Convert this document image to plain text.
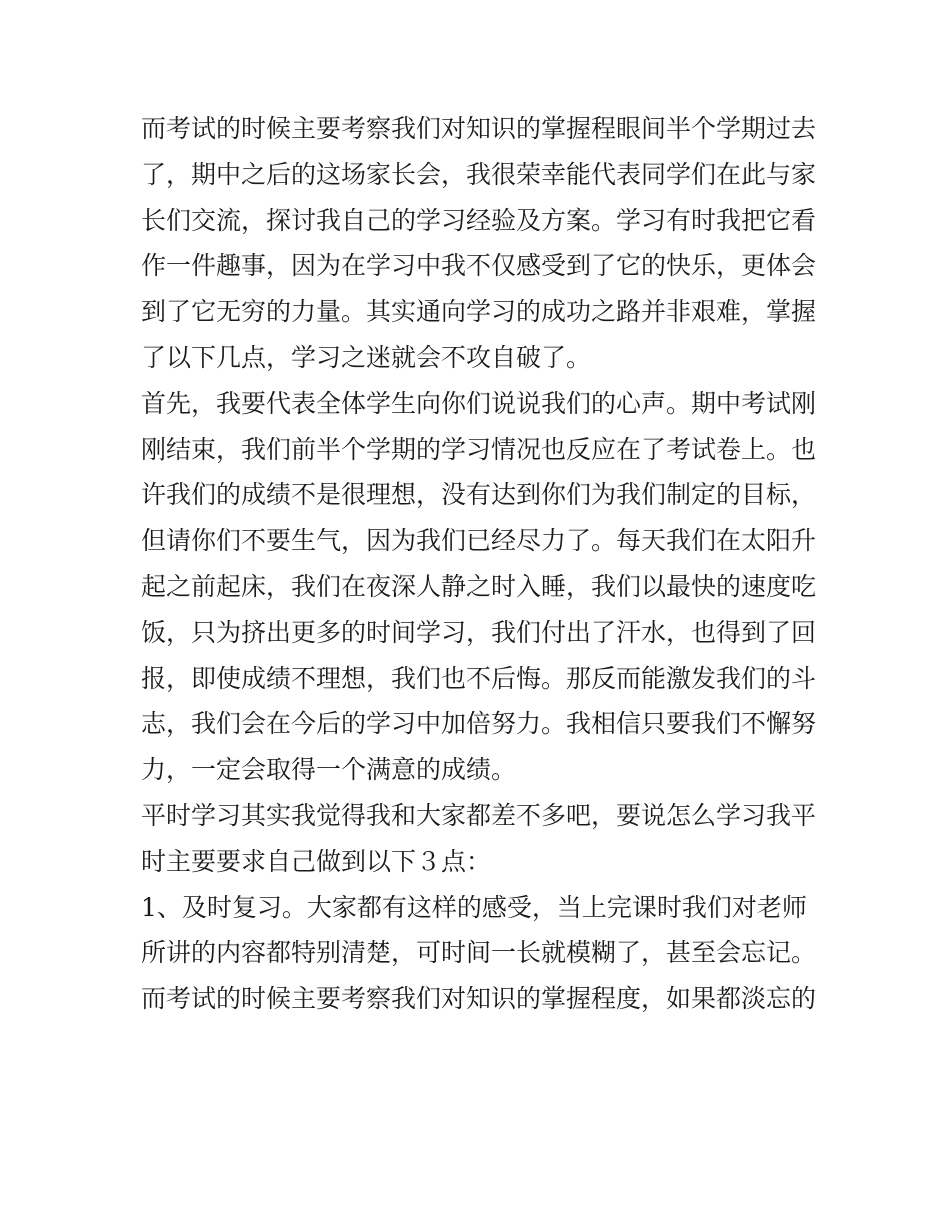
而考试的时候主要考察我们对知识的掌握程眼间半个学期过去

了，期中之后的这场家长会，我很荣幸能代表同学们在此与家

长们交流，探讨我自己的学习经验及方案。学习有时我把它看

作一件趣事，因为在学习中我不仅感受到了它的快乐，更体会

到了它无穷的力量。其实通向学习的成功之路并非艰难，掌握

了以下几点，学习之迷就会不攻自破了。

首先，我要代表全体学生向你们说说我们的心声。期中考试刚

刚结束，我们前半个学期的学习情况也反应在了考试卷上。也

许我们的成绩不是很理想，没有达到你们为我们制定的目标，

但请你们不要生气，因为我们已经尽力了。每天我们在太阳升

起之前起床，我们在夜深人静之时入睡，我们以最快的速度吃

饭，只为挤出更多的时间学习，我们付出了汗水，也得到了回

报，即使成绩不理想，我们也不后悔。那反而能激发我们的斗

志，我们会在今后的学习中加倍努力。我相信只要我们不懈努

力，一定会取得一个满意的成绩。

平时学习其实我觉得我和大家都差不多吧，要说怎么学习我平

时主要要求自己做到以下３点：

1、及时复习。大家都有这样的感受，当上完课时我们对老师

所讲的内容都特别清楚，可时间一长就模糊了，甚至会忘记。

而考试的时候主要考察我们对知识的掌握程度，如果都淡忘的
